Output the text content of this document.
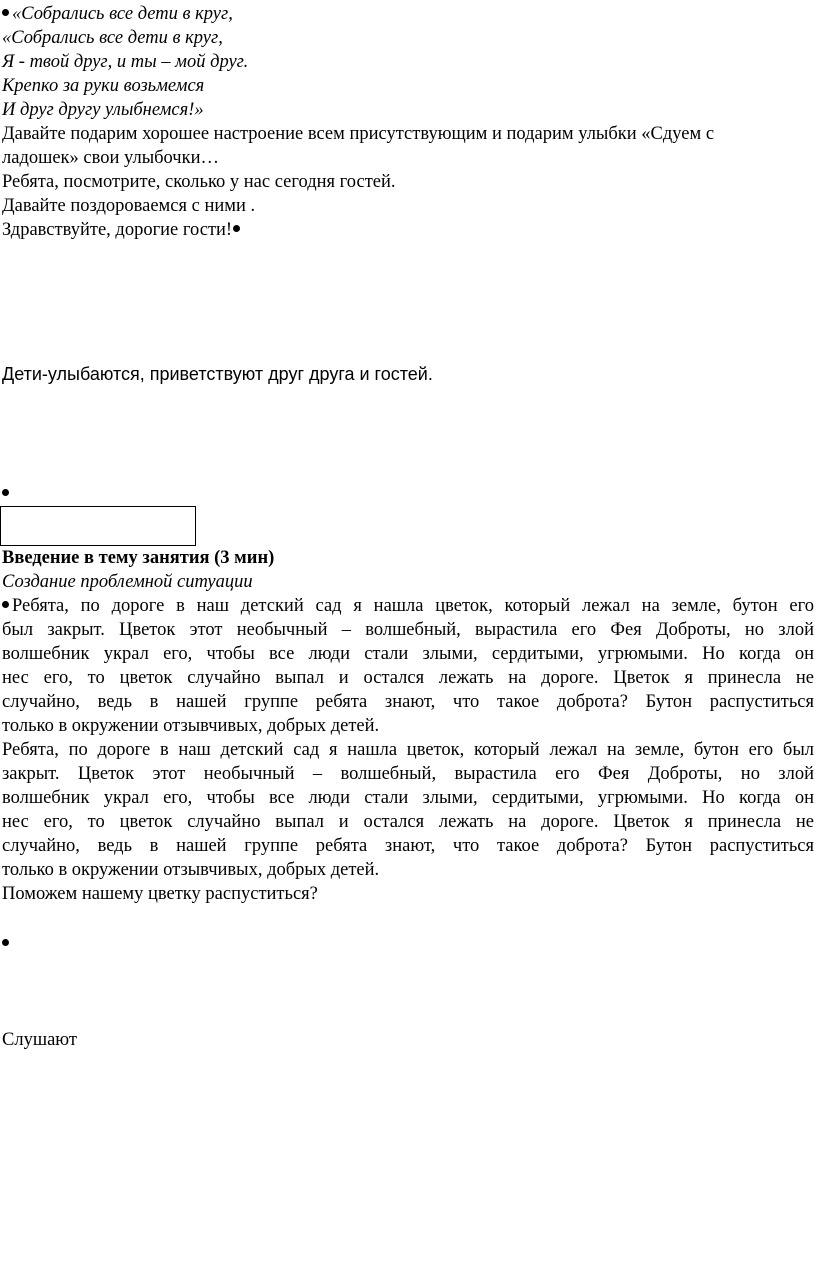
«Собрались все дети в круг,
«Собрались все дети в круг,
Я - твой друг, и ты – мой друг.
Крепко за руки возьмемся
И друг другу улыбнемся!»
Давайте подарим хорошее настроение всем присутствующим и подарим улыбки «Сдуем с
ладошек» свои улыбочки…
Ребята, посмотрите, сколько у нас сегодня гостей.
Давайте поздороваемся с ними .
Здравствуйте, дорогие гости!
Дети-улыбаются, приветствуют друг друга и гостей.
Введение в тему занятия (3 мин)
Создание проблемной ситуации
Ребята, по дороге в наш детский сад я нашла цветок, который лежал на земле, бутон его
был закрыт. Цветок этот необычный – волшебный, вырастила его Фея Доброты, но злой
волшебник украл его, чтобы все люди стали злыми, сердитыми, угрюмыми. Но когда он
нес его, то цветок случайно выпал и остался лежать на дороге. Цветок я принесла не
случайно, ведь в нашей группе ребята знают, что такое доброта? Бутон распуститься
только в окружении отзывчивых, добрых детей.
Ребята, по дороге в наш детский сад я нашла цветок, который лежал на земле, бутон его был
закрыт. Цветок этот необычный – волшебный, вырастила его Фея Доброты, но злой
волшебник украл его, чтобы все люди стали злыми, сердитыми, угрюмыми. Но когда он
нес его, то цветок случайно выпал и остался лежать на дороге. Цветок я принесла не
случайно, ведь в нашей группе ребята знают, что такое доброта? Бутон распуститься
только в окружении отзывчивых, добрых детей.
Поможем нашему цветку распуститься?
Слушают
